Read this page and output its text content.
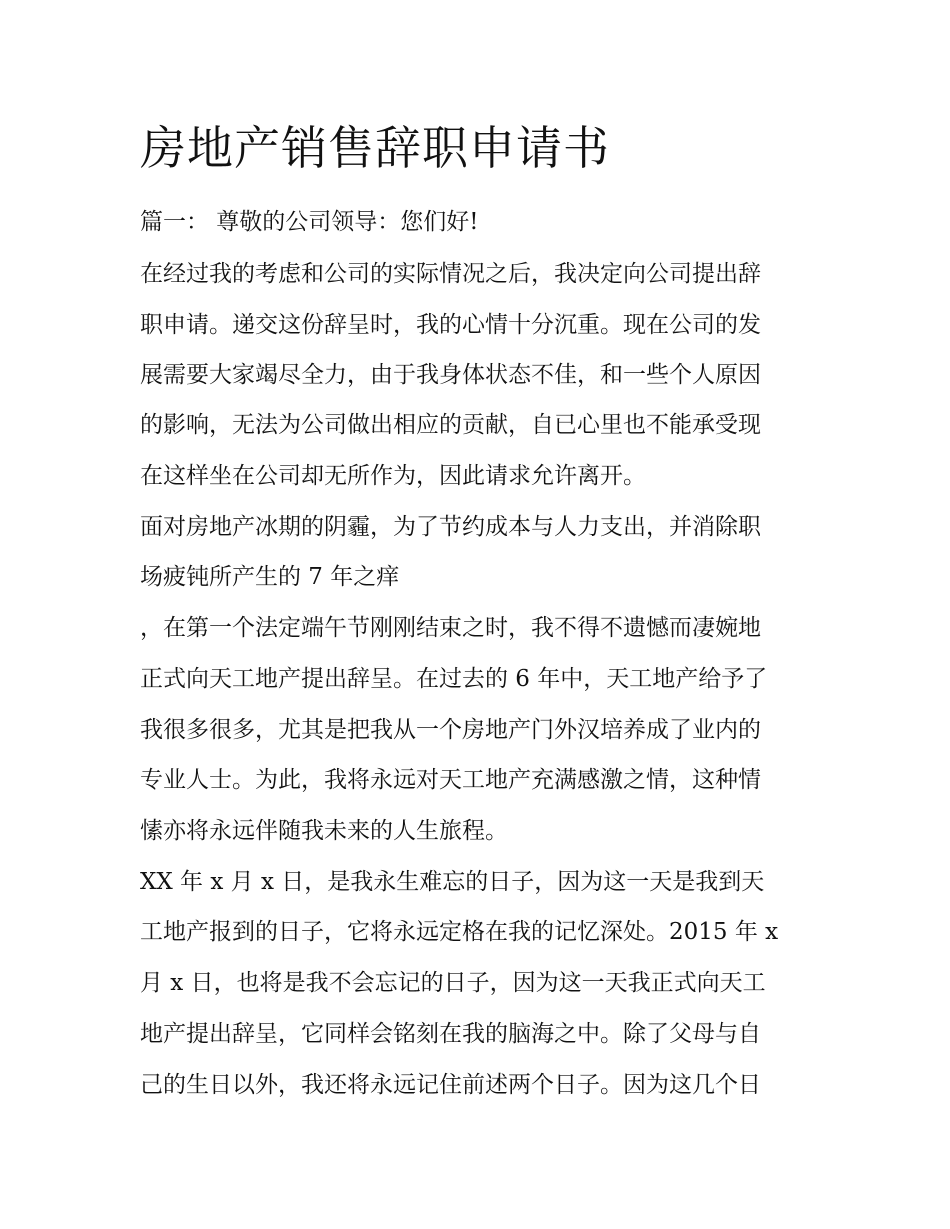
房地产销售辞职申请书

篇一： 尊敬的公司领导：您们好!

在经过我的考虑和公司的实际情况之后，我决定向公司提出辞

职申请。递交这份辞呈时，我的心情十分沉重。现在公司的发

展需要大家竭尽全力，由于我身体状态不佳，和一些个人原因

的影响，无法为公司做出相应的贡献，自已心里也不能承受现

在这样坐在公司却无所作为，因此请求允许离开。

面对房地产冰期的阴霾，为了节约成本与人力支出，并消除职

场疲钝所产生的 7 年之痒

，在第一个法定端午节刚刚结束之时，我不得不遗憾而凄婉地

正式向天工地产提出辞呈。在过去的 6 年中，天工地产给予了

我很多很多，尤其是把我从一个房地产门外汉培养成了业内的

专业人士。为此，我将永远对天工地产充满感激之情，这种情

愫亦将永远伴随我未来的人生旅程。

XX 年 x 月 x 日，是我永生难忘的日子，因为这一天是我到天

工地产报到的日子，它将永远定格在我的记忆深处。2015 年 x

月 x 日，也将是我不会忘记的日子，因为这一天我正式向天工

地产提出辞呈，它同样会铭刻在我的脑海之中。除了父母与自

己的生日以外，我还将永远记住前述两个日子。因为这几个日
